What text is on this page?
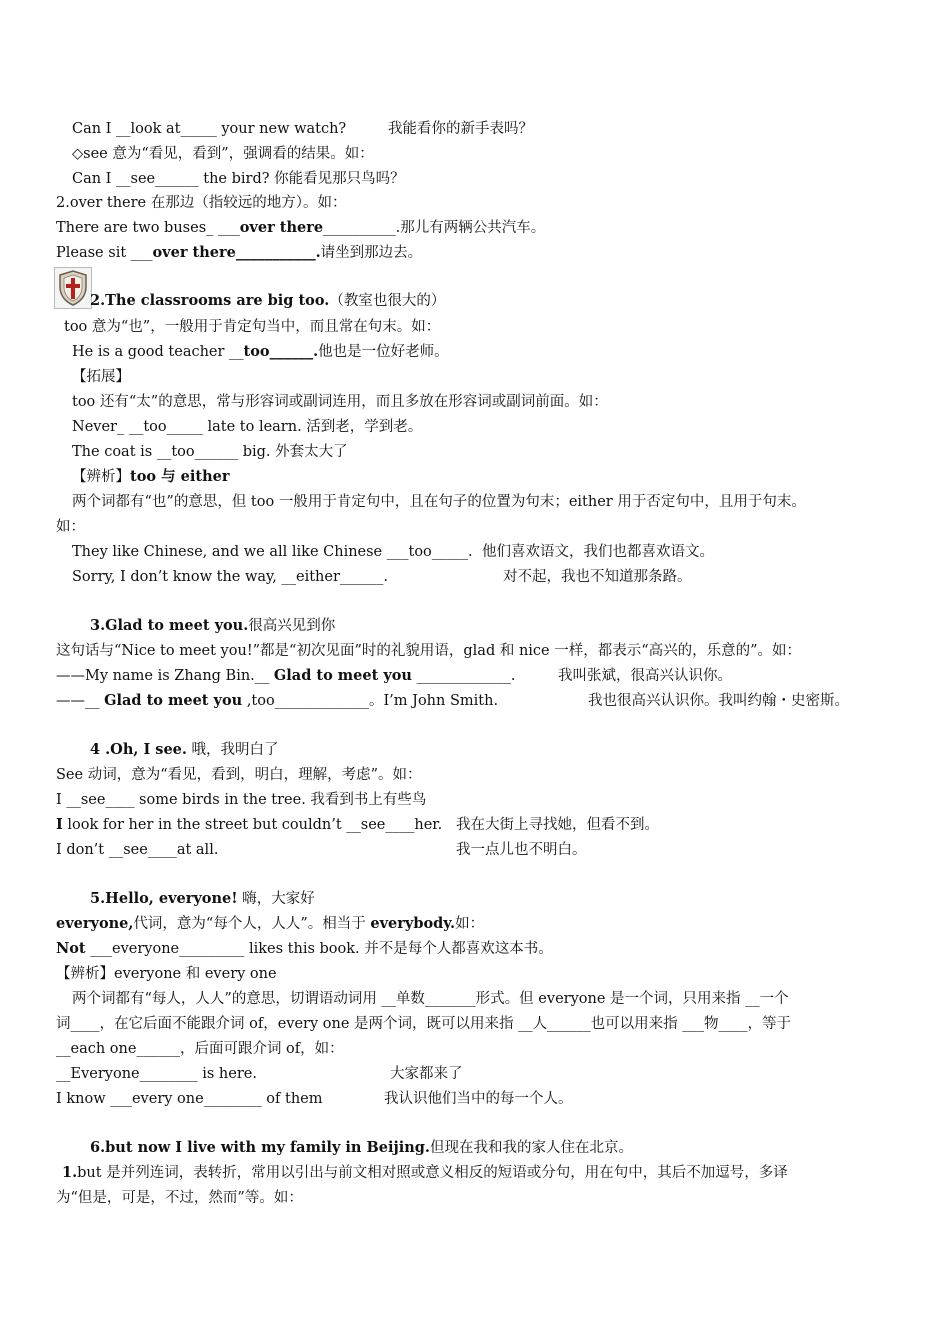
Can I __look at_____ your new watch?	我能看你的新手表吗？
◇see 意为“看见，看到”，强调看的结果。如：
Can I __see______ the bird? 你能看见那只鸟吗？
2.over there 在那边（指较远的地方）。如：
There are two buses_ ___over there__________.那儿有两辆公共汽车。
Please sit ___over there___________.请坐到那边去。
2.The classrooms are big too.（教室也很大的）
too 意为“也”，一般用于肯定句当中，而且常在句末。如：
He is a good teacher __too______.他也是一位好老师。
【拓展】
too 还有“太”的意思，常与形容词或副词连用，而且多放在形容词或副词前面。如：
Never_ __too_____ late to learn. 活到老，学到老。
The coat is __too______ big. 外套太大了
【辨析】too 与 either
两个词都有“也”的意思，但 too 一般用于肯定句中，且在句子的位置为句末；either 用于否定句中，且用于句末。
如：
They like Chinese, and we all like Chinese ___too_____. 他们喜欢语文，我们也都喜欢语文。
Sorry, I don’t know the way, __either______.	对不起，我也不知道那条路。
3.Glad to meet you.很高兴见到你
这句话与“Nice to meet you!”都是“初次见面”时的礼貌用语，glad 和 nice 一样，都表示“高兴的，乐意的”。如：
——My name is Zhang Bin.__ Glad to meet you _____________.	我叫张斌，很高兴认识你。
——__ Glad to meet you ,too_____________。I’m John Smith.	我也很高兴认识你。我叫约翰・史密斯。
4 .Oh, I see. 哦，我明白了
See 动词，意为“看见，看到，明白，理解，考虑”。如：
I __see____ some birds in the tree. 我看到书上有些鸟
I look for her in the street but couldn’t __see____her. 我在大街上寻找她，但看不到。
I don’t __see____at all.	我一点儿也不明白。
5.Hello, everyone! 嗨，大家好
everyone,代词，意为“每个人，人人”。相当于 everybody.如：
Not ___everyone_________ likes this book. 并不是每个人都喜欢这本书。
【辨析】everyone 和 every one
两个词都有“每人，人人”的意思，切谓语动词用 __单数_______形式。但 everyone 是一个词，只用来指 __一个
词____，在它后面不能跟介词 of，every one 是两个词，既可以用来指 __人______也可以用来指 ___物____，等于
__each one______，后面可跟介词 of，如：
__Everyone________ is here.	大家都来了
I know ___every one________ of them	我认识他们当中的每一个人。
6.but now I live with my family in Beijing.但现在我和我的家人住在北京。
1.but 是并列连词，表转折，常用以引出与前文相对照或意义相反的短语或分句，用在句中，其后不加逗号，多译
为“但是，可是，不过，然而”等。如：
